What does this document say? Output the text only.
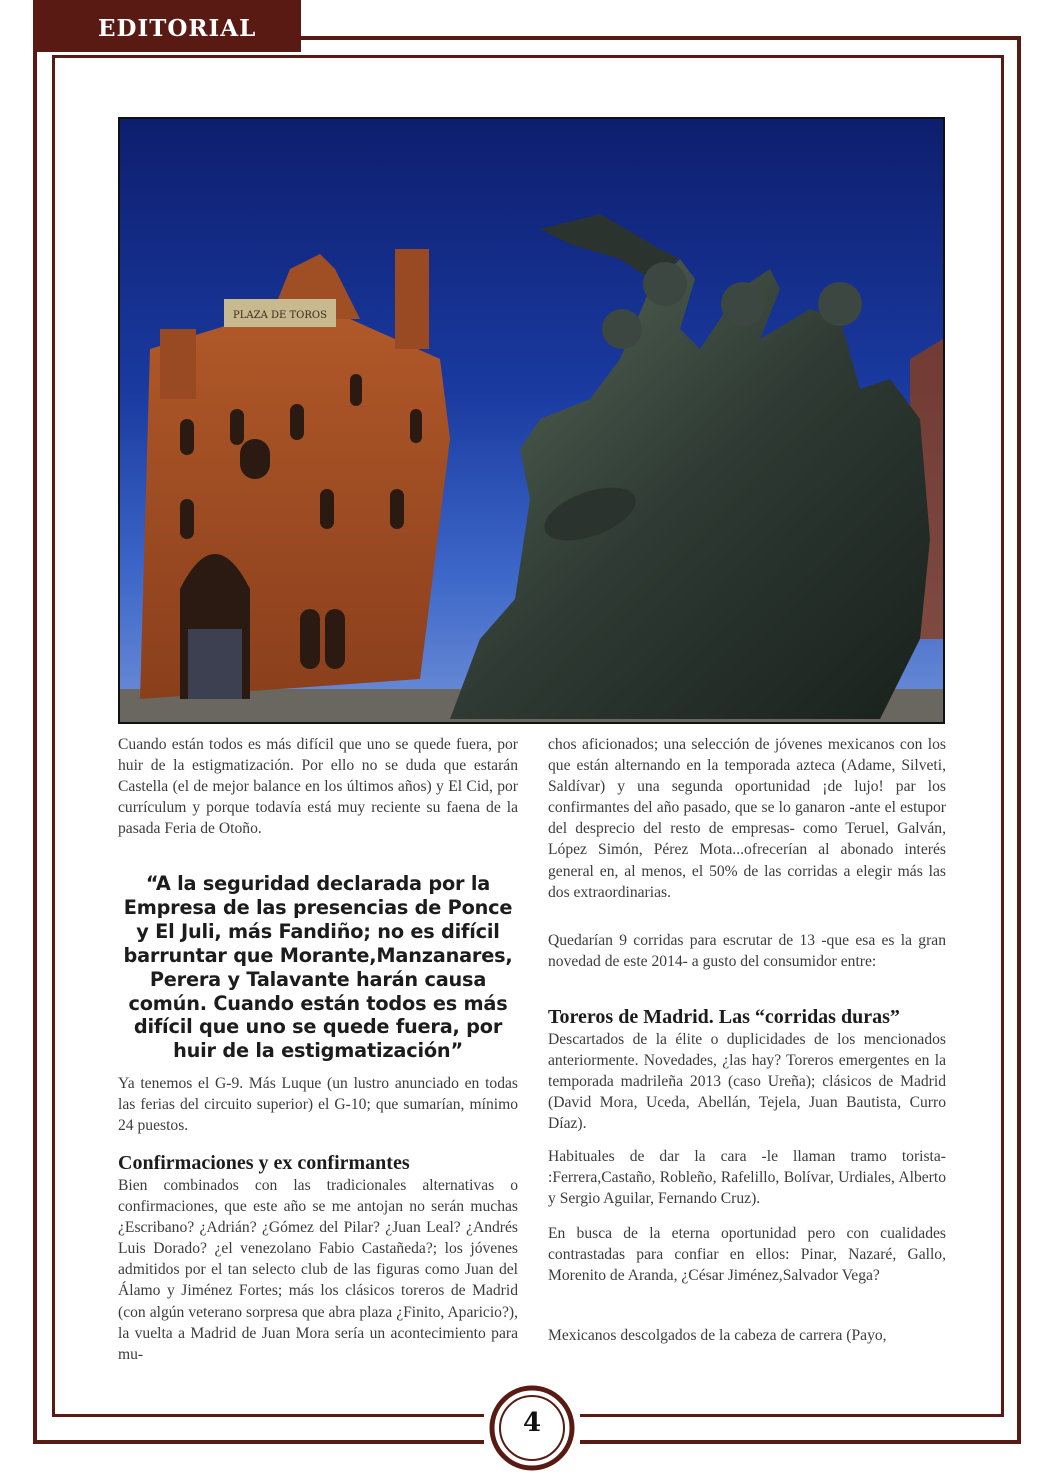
EDITORIAL
PLAZA DE TOROS

Cuando están todos es más difícil que uno se quede fuera, por huir de la estigmatización. Por ello no se duda que estarán Castella (el de mejor balance en los últimos años) y El Cid, por currículum y porque todavía está muy reciente su faena de la pasada Feria de Otoño.

“A la seguridad declarada por la Empresa de las presencias de Ponce y El Juli, más Fandiño; no es difícil barruntar que Morante,Manzanares, Perera y Talavante harán causa común. Cuando están todos es más difícil que uno se quede fuera, por huir de la estigmatización”

Ya tenemos el G-9. Más Luque (un lustro anunciado en todas las ferias del circuito superior) el G-10; que sumarían, mínimo 24 puestos.

Confirmaciones y ex confirmantes

Bien combinados con las tradicionales alternativas o confirmaciones, que este año se me antojan no serán muchas ¿Escribano? ¿Adrián? ¿Gómez del Pilar? ¿Juan Leal? ¿Andrés Luis Dorado? ¿el venezolano Fabio Castañeda?; los jóvenes admitidos por el tan selecto club de las figuras como Juan del Álamo y Jiménez Fortes; más los clásicos toreros de Madrid (con algún veterano sorpresa que abra plaza ¿Finito, Aparicio?), la vuelta a Madrid de Juan Mora sería un acontecimiento para mu-

chos aficionados; una selección de jóvenes mexicanos con los que están alternando en la temporada azteca (Adame, Silveti, Saldívar) y una segunda oportunidad ¡de lujo! par los confirmantes del año pasado, que se lo ganaron -ante el estupor del desprecio del resto de empresas- como Teruel, Galván, López Simón, Pérez Mota...ofrecerían al abonado interés general en, al menos, el 50% de las corridas a elegir más las dos extraordinarias.

Quedarían 9 corridas para escrutar de 13 -que esa es la gran novedad de este 2014- a gusto del consumidor entre:

Toreros de Madrid. Las “corridas duras”

Descartados de la élite o duplicidades de los mencionados anteriormente. Novedades, ¿las hay? Toreros emergentes en la temporada madrileña 2013 (caso Ureña); clásicos de Madrid (David Mora, Uceda, Abellán, Tejela, Juan Bautista, Curro Díaz).

Habituales de dar la cara -le llaman tramo torista- :Ferrera,Castaño, Robleño, Rafelillo, Bolívar, Urdiales, Alberto y Sergio Aguilar, Fernando Cruz).

En busca de la eterna oportunidad pero con cualidades contrastadas para confiar en ellos: Pinar, Nazaré, Gallo, Morenito de Aranda, ¿César Jiménez,Salvador Vega?

Mexicanos descolgados de la cabeza de carrera (Payo,

4
